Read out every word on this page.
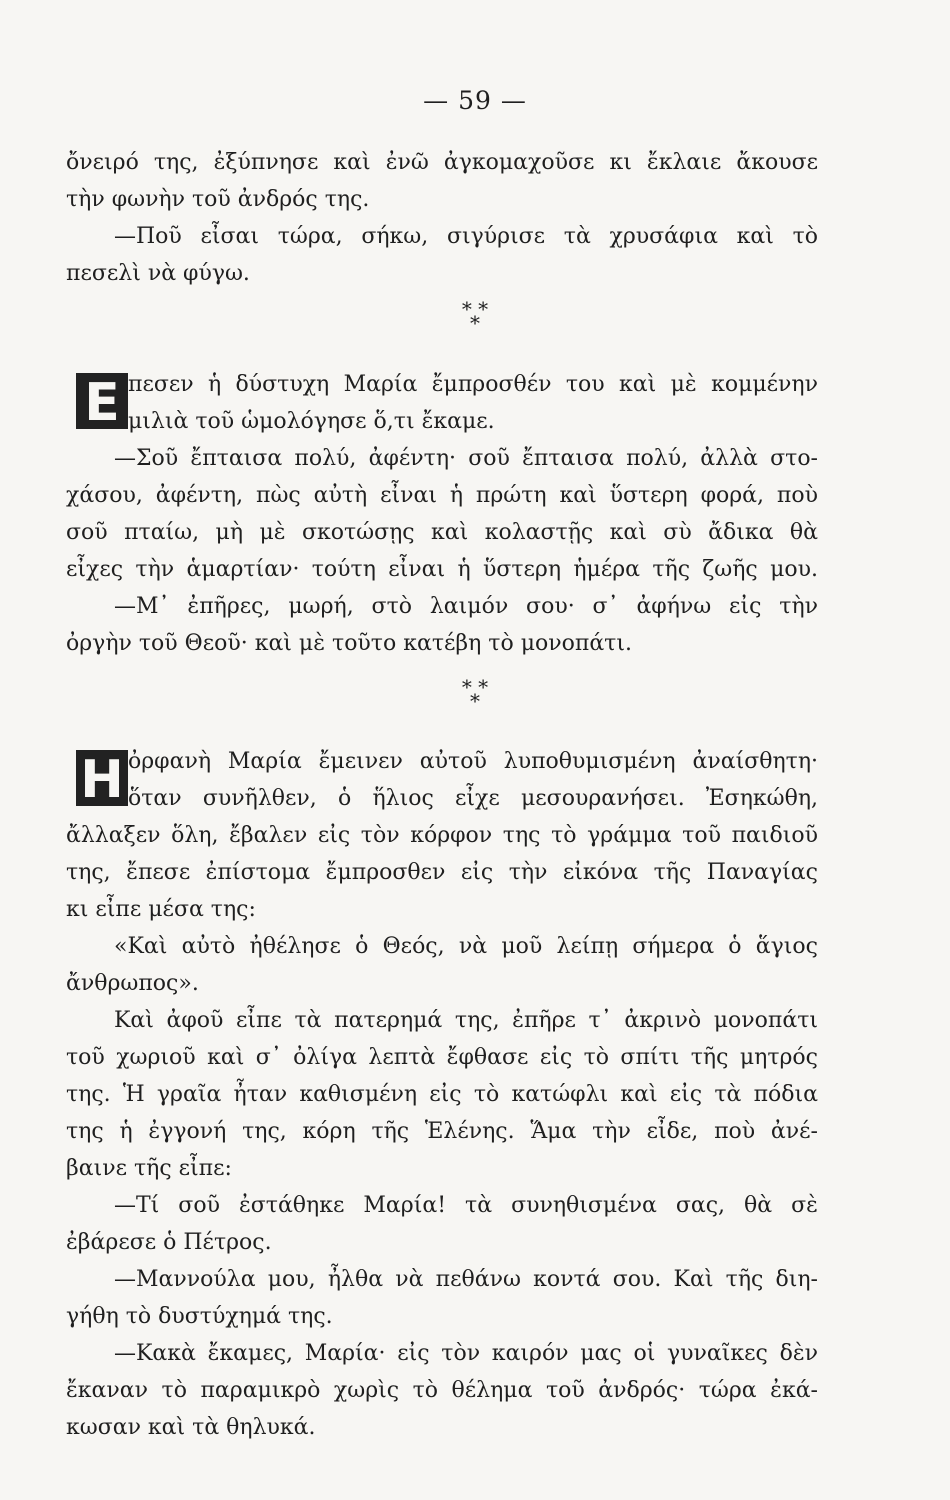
— 59 —
ὄνειρό της, ἐξύπνησε καὶ ἐνῶ ἀγκομαχοῦσε κι ἔκλαιε ἄκουσε
τὴν φωνὴν τοῦ ἀνδρός της.
—Ποῦ εἶσαι τώρα, σήκω, σιγύρισε τὰ χρυσάφια καὶ τὸ
πεσελὶ νὰ φύγω.
* *
*
Ε πεσεν ἡ δύστυχη Μαρία ἔμπροσθέν του καὶ μὲ κομμένην
μιλιὰ τοῦ ὡμολόγησε ὅ,τι ἔκαμε.
—Σοῦ ἔπταισα πολύ, ἀφέντη· σοῦ ἔπταισα πολύ, ἀλλὰ στο-
χάσου, ἀφέντη, πὼς αὐτὴ εἶναι ἡ πρώτη καὶ ὕστερη φορά, ποὺ
σοῦ πταίω, μὴ μὲ σκοτώσῃς καὶ κολαστῇς καὶ σὺ ἄδικα θὰ
εἶχες τὴν ἁμαρτίαν· τούτη εἶναι ἡ ὕστερη ἡμέρα τῆς ζωῆς μου.
—Μ᾽ ἐπῆρες, μωρή, στὸ λαιμόν σου· σ᾽ ἀφήνω εἰς τὴν
ὀργὴν τοῦ Θεοῦ· καὶ μὲ τοῦτο κατέβη τὸ μονοπάτι.
* *
*
Η ὀρφανὴ Μαρία ἔμεινεν αὐτοῦ λυποθυμισμένη ἀναίσθητη·
ὅταν συνῆλθεν, ὁ ἥλιος εἶχε μεσουρανήσει. Ἐσηκώθη,
ἄλλαξεν ὅλη, ἔβαλεν εἰς τὸν κόρφον της τὸ γράμμα τοῦ παιδιοῦ
της, ἔπεσε ἐπίστομα ἔμπροσθεν εἰς τὴν εἰκόνα τῆς Παναγίας
κι εἶπε μέσα της:
«Καὶ αὐτὸ ἠθέλησε ὁ Θεός, νὰ μοῦ λείπῃ σήμερα ὁ ἅγιος
ἄνθρωπος».
Καὶ ἀφοῦ εἶπε τὰ πατερημά της, ἐπῆρε τ᾽ ἀκρινὸ μονοπάτι
τοῦ χωριοῦ καὶ σ᾽ ὀλίγα λεπτὰ ἔφθασε εἰς τὸ σπίτι τῆς μητρός
της. Ἡ γραῖα ἦταν καθισμένη εἰς τὸ κατώφλι καὶ εἰς τὰ πόδια
της ἡ ἐγγονή της, κόρη τῆς Ἑλένης. Ἅμα τὴν εἶδε, ποὺ ἀνέ-
βαινε τῆς εἶπε:
—Τί σοῦ ἐστάθηκε Μαρία! τὰ συνηθισμένα σας, θὰ σὲ
ἐβάρεσε ὁ Πέτρος.
—Μαννούλα μου, ἦλθα νὰ πεθάνω κοντά σου. Καὶ τῆς διη-
γήθη τὸ δυστύχημά της.
—Κακὰ ἔκαμες, Μαρία· εἰς τὸν καιρόν μας οἱ γυναῖκες δὲν
ἔκαναν τὸ παραμικρὸ χωρὶς τὸ θέλημα τοῦ ἀνδρός· τώρα ἐκά-
κωσαν καὶ τὰ θηλυκά.
